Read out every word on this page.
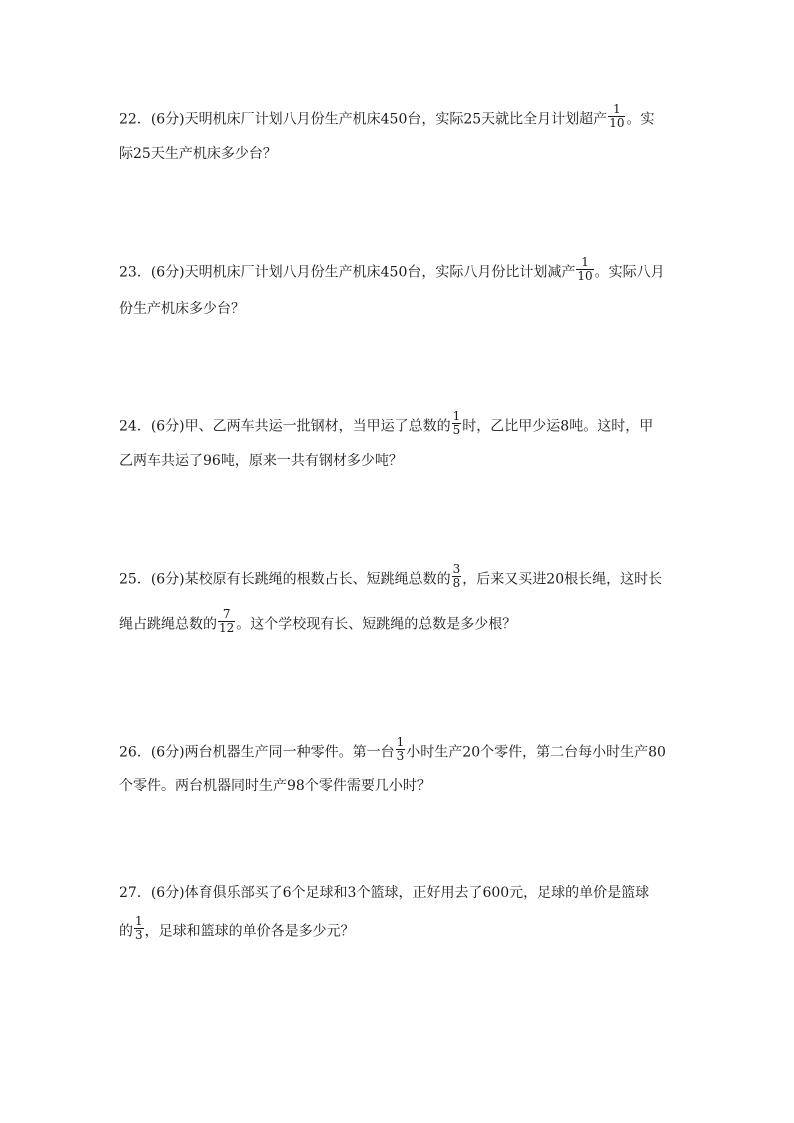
22．(6分)天明机床厂计划八月份生产机床450台，实际25天就比全月计划超产 $\frac{1}{10}$ 。实
际25天生产机床多少台？
23．(6分)天明机床厂计划八月份生产机床450台，实际八月份比计划减产 $\frac{1}{10}$ 。实际八月
份生产机床多少台？
24．(6分)甲、乙两车共运一批钢材，当甲运了总数的 $\frac{1}{5}$ 时，乙比甲少运8吨。这时，甲
乙两车共运了96吨，原来一共有钢材多少吨？
25．(6分)某校原有长跳绳的根数占长、短跳绳总数的 $\frac{3}{8}$ ，后来又买进20根长绳，这时长
绳占跳绳总数的 $\frac{7}{12}$ 。这个学校现有长、短跳绳的总数是多少根？
26．(6分)两台机器生产同一种零件。第一台 $\frac{1}{3}$ 小时生产20个零件，第二台每小时生产80
个零件。两台机器同时生产98个零件需要几小时？
27．(6分)体育俱乐部买了6个足球和3个篮球，正好用去了600元，足球的单价是篮球
的 $\frac{1}{3}$ ，足球和篮球的单价各是多少元？
